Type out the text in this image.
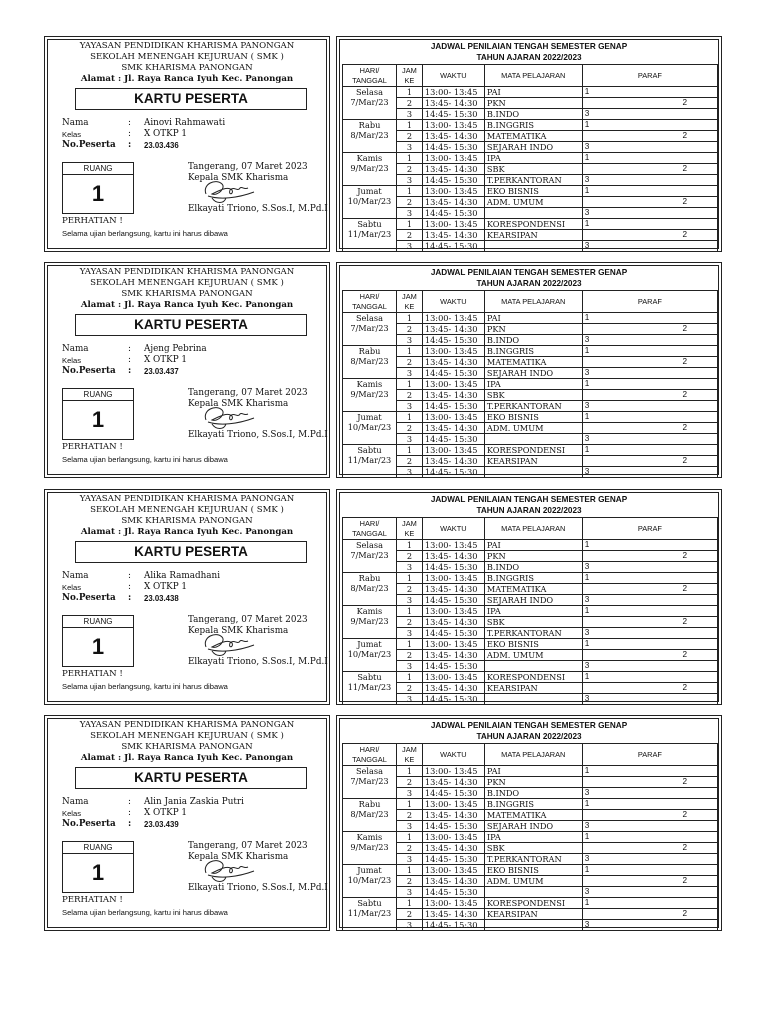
YAYASAN PENDIDIKAN KHARISMA PANONGAN
SEKOLAH MENENGAH KEJURUAN ( SMK )
SMK KHARISMA PANONGAN
Alamat : Jl. Raya Ranca Iyuh Kec. Panongan
KARTU PESERTA
Nama	: Ainovi Rahmawati
Kelas	: X OTKP 1
No.Peserta : 23.03.436
RUANG
1
Tangerang, 07 Maret 2023
Kepala SMK Kharisma
Elkayati Triono, S.Sos.I, M.Pd.I
PERHATIAN !
Selama ujian berlangsung, kartu ini harus dibawa
JADWAL PENILAIAN TENGAH SEMESTER GENAP
TAHUN AJARAN 2022/2023
HARI/
TANGGAL	JAM
KE	WAKTU	MATA PELAJARAN	PARAF
Selasa
7/Mar/23	1	13:00- 13:45	PAI	1
	2	13:45- 14:30	PKN	2

	3	14:45- 15:30	B.INDO	3
Rabu
8/Mar/23	1	13:00- 13:45	B.INGGRIS	1
	2	13:45- 14:30	MATEMATIKA	2

	3	14:45- 15:30	SEJARAH INDO	3
Kamis
9/Mar/23	1	13:00- 13:45	IPA	1
	2	13:45- 14:30	SBK	2

	3	14:45- 15:30	T.PERKANTORAN	3
Jumat
10/Mar/23	1	13:00- 13:45	EKO BISNIS	1
	2	13:45- 14:30	ADM. UMUM	2

	3	14:45- 15:30		3
Sabtu
11/Mar/23	1	13:00- 13:45	KORESPONDENSI	1
	2	13:45- 14:30	KEARSIPAN	2

	3	14:45- 15:30		3
YAYASAN PENDIDIKAN KHARISMA PANONGAN
SEKOLAH MENENGAH KEJURUAN ( SMK )
SMK KHARISMA PANONGAN
Alamat : Jl. Raya Ranca Iyuh Kec. Panongan
KARTU PESERTA
Nama	: Ajeng Pebrina
Kelas	: X OTKP 1
No.Peserta : 23.03.437
RUANG
1
Tangerang, 07 Maret 2023
Kepala SMK Kharisma
Elkayati Triono, S.Sos.I, M.Pd.I
PERHATIAN !
Selama ujian berlangsung, kartu ini harus dibawa
JADWAL PENILAIAN TENGAH SEMESTER GENAP
TAHUN AJARAN 2022/2023
HARI/
TANGGAL	JAM
KE	WAKTU	MATA PELAJARAN	PARAF
Selasa
7/Mar/23	1	13:00- 13:45	PAI	1
	2	13:45- 14:30	PKN	2

	3	14:45- 15:30	B.INDO	3
Rabu
8/Mar/23	1	13:00- 13:45	B.INGGRIS	1
	2	13:45- 14:30	MATEMATIKA	2

	3	14:45- 15:30	SEJARAH INDO	3
Kamis
9/Mar/23	1	13:00- 13:45	IPA	1
	2	13:45- 14:30	SBK	2

	3	14:45- 15:30	T.PERKANTORAN	3
Jumat
10/Mar/23	1	13:00- 13:45	EKO BISNIS	1
	2	13:45- 14:30	ADM. UMUM	2

	3	14:45- 15:30		3
Sabtu
11/Mar/23	1	13:00- 13:45	KORESPONDENSI	1
	2	13:45- 14:30	KEARSIPAN	2

	3	14:45- 15:30		3
YAYASAN PENDIDIKAN KHARISMA PANONGAN
SEKOLAH MENENGAH KEJURUAN ( SMK )
SMK KHARISMA PANONGAN
Alamat : Jl. Raya Ranca Iyuh Kec. Panongan
KARTU PESERTA
Nama	: Alika Ramadhani
Kelas	: X OTKP 1
No.Peserta : 23.03.438
RUANG
1
Tangerang, 07 Maret 2023
Kepala SMK Kharisma
Elkayati Triono, S.Sos.I, M.Pd.I
PERHATIAN !
Selama ujian berlangsung, kartu ini harus dibawa
JADWAL PENILAIAN TENGAH SEMESTER GENAP
TAHUN AJARAN 2022/2023
HARI/
TANGGAL	JAM
KE	WAKTU	MATA PELAJARAN	PARAF
Selasa
7/Mar/23	1	13:00- 13:45	PAI	1
	2	13:45- 14:30	PKN	2

	3	14:45- 15:30	B.INDO	3
Rabu
8/Mar/23	1	13:00- 13:45	B.INGGRIS	1
	2	13:45- 14:30	MATEMATIKA	2

	3	14:45- 15:30	SEJARAH INDO	3
Kamis
9/Mar/23	1	13:00- 13:45	IPA	1
	2	13:45- 14:30	SBK	2

	3	14:45- 15:30	T.PERKANTORAN	3
Jumat
10/Mar/23	1	13:00- 13:45	EKO BISNIS	1
	2	13:45- 14:30	ADM. UMUM	2

	3	14:45- 15:30		3
Sabtu
11/Mar/23	1	13:00- 13:45	KORESPONDENSI	1
	2	13:45- 14:30	KEARSIPAN	2

	3	14:45- 15:30		3
YAYASAN PENDIDIKAN KHARISMA PANONGAN
SEKOLAH MENENGAH KEJURUAN ( SMK )
SMK KHARISMA PANONGAN
Alamat : Jl. Raya Ranca Iyuh Kec. Panongan
KARTU PESERTA
Nama	: Alin Jania Zaskia Putri
Kelas	: X OTKP 1
No.Peserta : 23.03.439
RUANG
1
Tangerang, 07 Maret 2023
Kepala SMK Kharisma
Elkayati Triono, S.Sos.I, M.Pd.I
PERHATIAN !
Selama ujian berlangsung, kartu ini harus dibawa
JADWAL PENILAIAN TENGAH SEMESTER GENAP
TAHUN AJARAN 2022/2023
HARI/
TANGGAL	JAM
KE	WAKTU	MATA PELAJARAN	PARAF
Selasa
7/Mar/23	1	13:00- 13:45	PAI	1
	2	13:45- 14:30	PKN	2

	3	14:45- 15:30	B.INDO	3
Rabu
8/Mar/23	1	13:00- 13:45	B.INGGRIS	1
	2	13:45- 14:30	MATEMATIKA	2

	3	14:45- 15:30	SEJARAH INDO	3
Kamis
9/Mar/23	1	13:00- 13:45	IPA	1
	2	13:45- 14:30	SBK	2

	3	14:45- 15:30	T.PERKANTORAN	3
Jumat
10/Mar/23	1	13:00- 13:45	EKO BISNIS	1
	2	13:45- 14:30	ADM. UMUM	2

	3	14:45- 15:30		3
Sabtu
11/Mar/23	1	13:00- 13:45	KORESPONDENSI	1
	2	13:45- 14:30	KEARSIPAN	2

	3	14:45- 15:30		3
